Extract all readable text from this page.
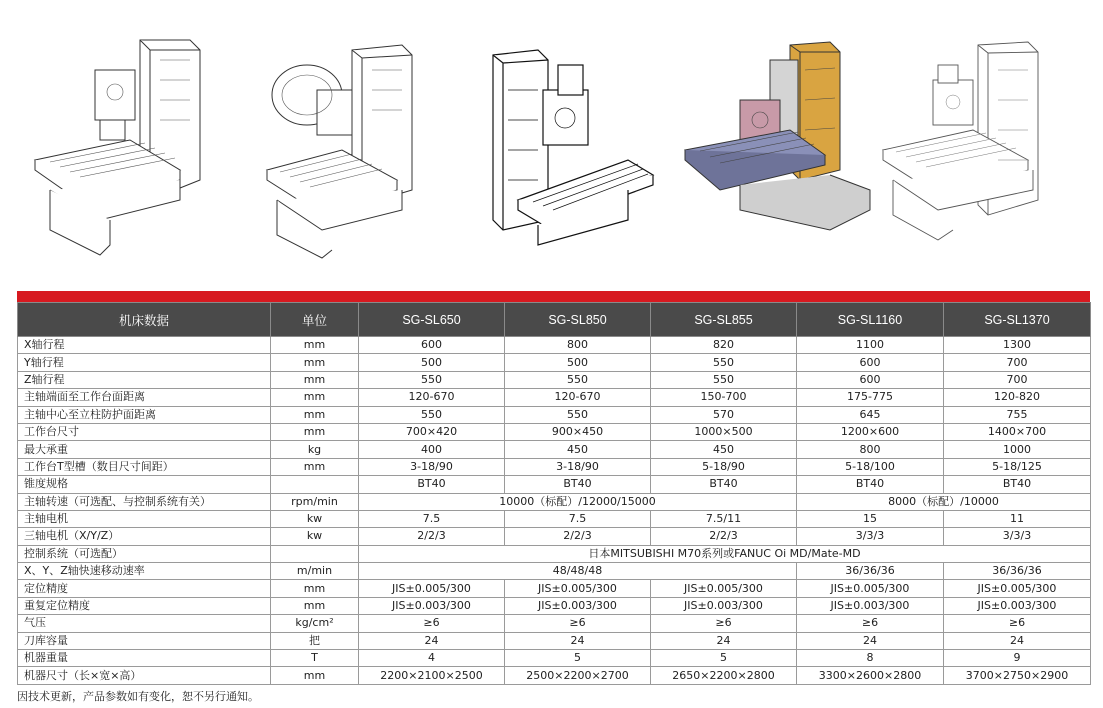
机床数据	单位	SG-SL650	SG-SL850	SG-SL855	SG-SL1160	SG-SL1370
X轴行程	mm	600	800	820	1100	1300
Y轴行程	mm	500	500	550	600	700
Z轴行程	mm	550	550	550	600	700
主轴端面至工作台面距离	mm	120-670	120-670	150-700	175-775	120-820
主轴中心至立柱防护面距离	mm	550	550	570	645	755
工作台尺寸	mm	700×420	900×450	1000×500	1200×600	1400×700
最大承重	kg	400	450	450	800	1000
工作台T型槽（数目尺寸间距）	mm	3-18/90	3-18/90	5-18/90	5-18/100	5-18/125
锥度规格		BT40	BT40	BT40	BT40	BT40
主轴转速（可选配、与控制系统有关）	rpm/min	10000（标配）/12000/15000			8000（标配）/10000	
主轴电机	kw	7.5	7.5	7.5/11	15	11
三轴电机（X/Y/Z）	kw	2/2/3	2/2/3	2/2/3	3/3/3	3/3/3
控制系统（可选配）		日本MITSUBISHI M70系列或FANUC Oi MD/Mate-MD				
X、Y、Z轴快速移动速率	m/min	48/48/48			36/36/36	36/36/36
定位精度	mm	JIS±0.005/300	JIS±0.005/300	JIS±0.005/300	JIS±0.005/300	JIS±0.005/300
重复定位精度	mm	JIS±0.003/300	JIS±0.003/300	JIS±0.003/300	JIS±0.003/300	JIS±0.003/300
气压	kg/cm²	≥6	≥6	≥6	≥6	≥6
刀库容量	把	24	24	24	24	24
机器重量	T	4	5	5	8	9
机器尺寸（长×宽×高）	mm	2200×2100×2500	2500×2200×2700	2650×2200×2800	3300×2600×2800	3700×2750×2900
因技术更新，产品参数如有变化，恕不另行通知。
